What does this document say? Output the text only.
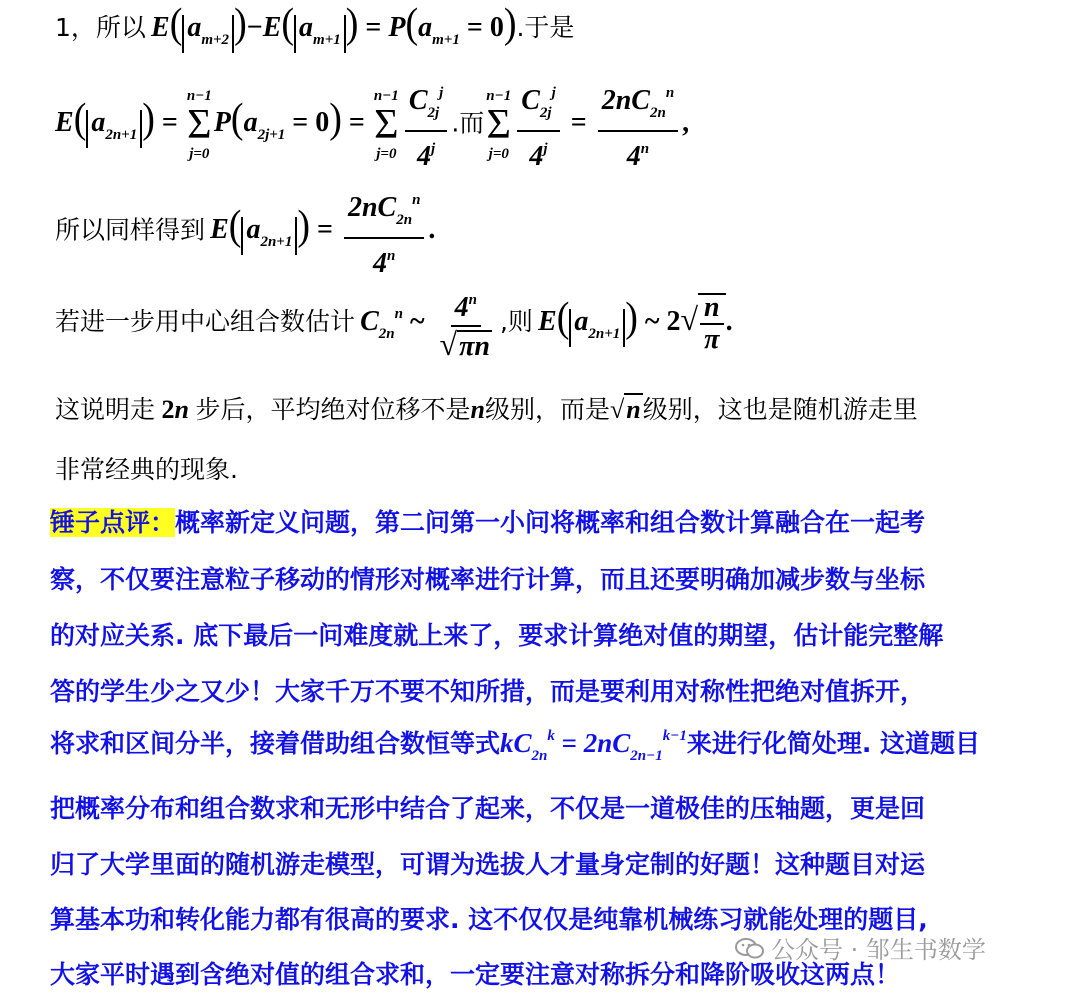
1，所以 E( $a_{m+2}$ )−E( $a_{m+1}$ ) = $P(a_{m+1} = 0)$.于是
E( $a_{2n+1}$ ) =
n−1
Σ
j=0
$P(a_{2j+1} = 0)$ =
n−1
Σ
$j=0 \frac{C_{2j}^j}{4^j}$ .而
n−1
Σ
$j=0 \frac{C_{2j}^j}{4^j} = \frac{2nC_{2n}^n}{4^n}$ ,
所以同样得到 E( $a_{2n+1}$ ) = $\frac{2nC_{2n}^n}{4^n}$ .
若进一步用中心组合数估计 $C_{2n}^n$ ~ $\frac{4^n}{√\pi n}$ ,则 E( $a_{2n+1}$ ) ~ $2√ \frac{n}{\pi}$ .
这说明走 2n 步后，平均绝对位移不是n级别，而是√n级别，这也是随机游走里
非常经典的现象.
锤子点评：概率新定义问题，第二问第一小问将概率和组合数计算融合在一起考
察，不仅要注意粒子移动的情形对概率进行计算，而且还要明确加减步数与坐标
的对应关系. 底下最后一问难度就上来了，要求计算绝对值的期望，估计能完整解
答的学生少之又少！大家千万不要不知所措，而是要利用对称性把绝对值拆开，
将求和区间分半，接着借助组合数恒等式$kC_{2n}^k = 2nC_{2n-1}^{k-1}$来进行化简处理. 这道题目
把概率分布和组合数求和无形中结合了起来，不仅是一道极佳的压轴题，更是回
归了大学里面的随机游走模型，可谓为选拔人才量身定制的好题！这种题目对运
算基本功和转化能力都有很高的要求. 这不仅仅是纯靠机械练习就能处理的题目,
大家平时遇到含绝对值的组合求和，一定要注意对称拆分和降阶吸收这两点！
公众号 · 邹生书数学
